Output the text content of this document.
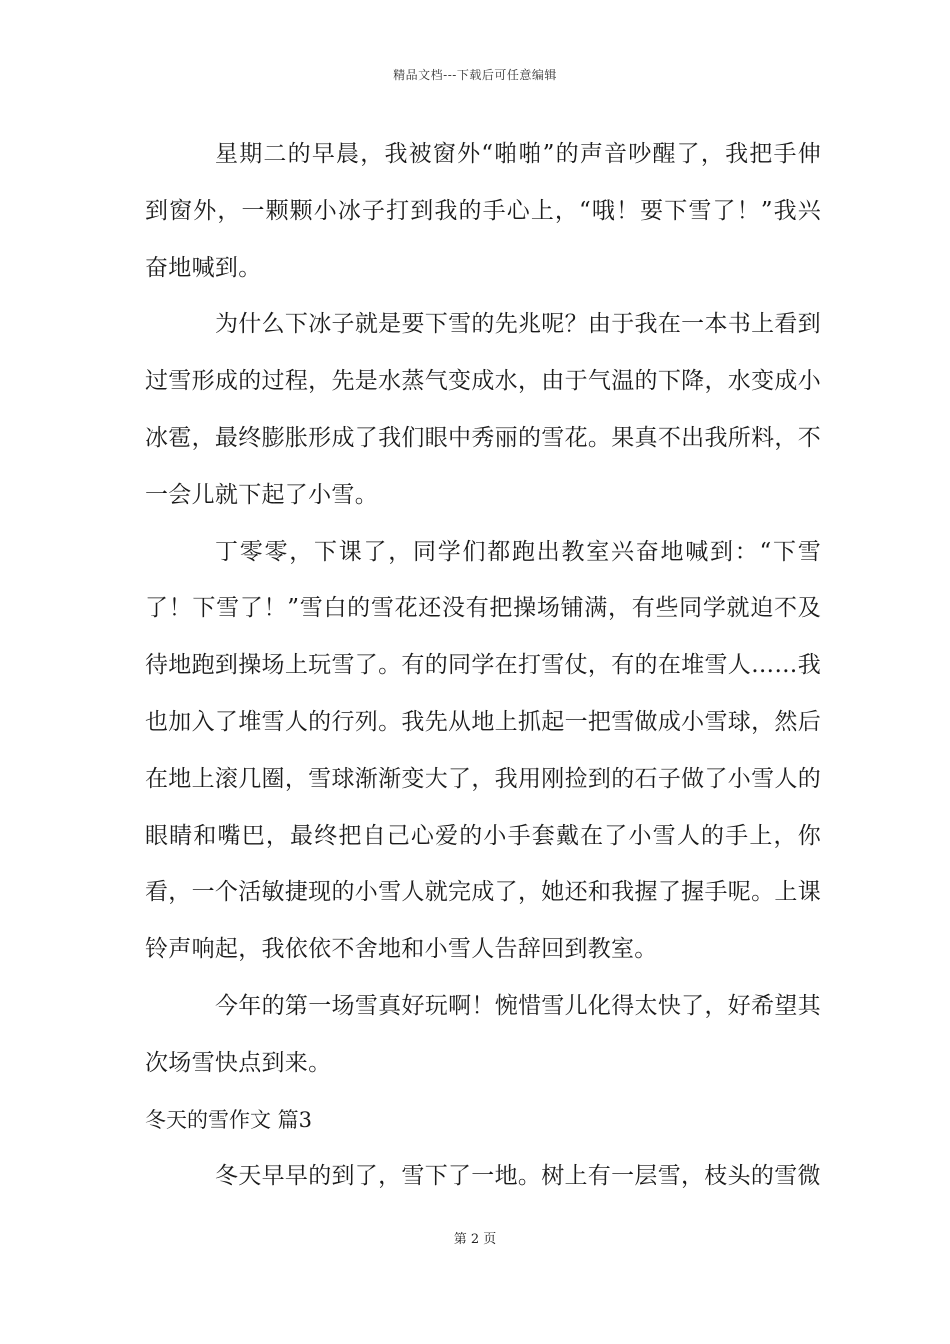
精品文档---下载后可任意编辑

星期二的早晨，我被窗外“啪啪”的声音吵醒了，我把手伸到窗外，一颗颗小冰子打到我的手心上，“哦！要下雪了！”我兴奋地喊到。

为什么下冰子就是要下雪的先兆呢？由于我在一本书上看到过雪形成的过程，先是水蒸气变成水，由于气温的下降，水变成小冰雹，最终膨胀形成了我们眼中秀丽的雪花。果真不出我所料，不一会儿就下起了小雪。

丁零零，下课了，同学们都跑出教室兴奋地喊到：“下雪了！下雪了！”雪白的雪花还没有把操场铺满，有些同学就迫不及待地跑到操场上玩雪了。有的同学在打雪仗，有的在堆雪人……我也加入了堆雪人的行列。我先从地上抓起一把雪做成小雪球，然后在地上滚几圈，雪球渐渐变大了，我用刚捡到的石子做了小雪人的眼睛和嘴巴，最终把自己心爱的小手套戴在了小雪人的手上，你看，一个活敏捷现的小雪人就完成了，她还和我握了握手呢。上课铃声响起，我依依不舍地和小雪人告辞回到教室。

今年的第一场雪真好玩啊！惋惜雪儿化得太快了，好希望其次场雪快点到来。

冬天的雪作文 篇3

冬天早早的到了，雪下了一地。树上有一层雪，枝头的雪微

第 2 页
